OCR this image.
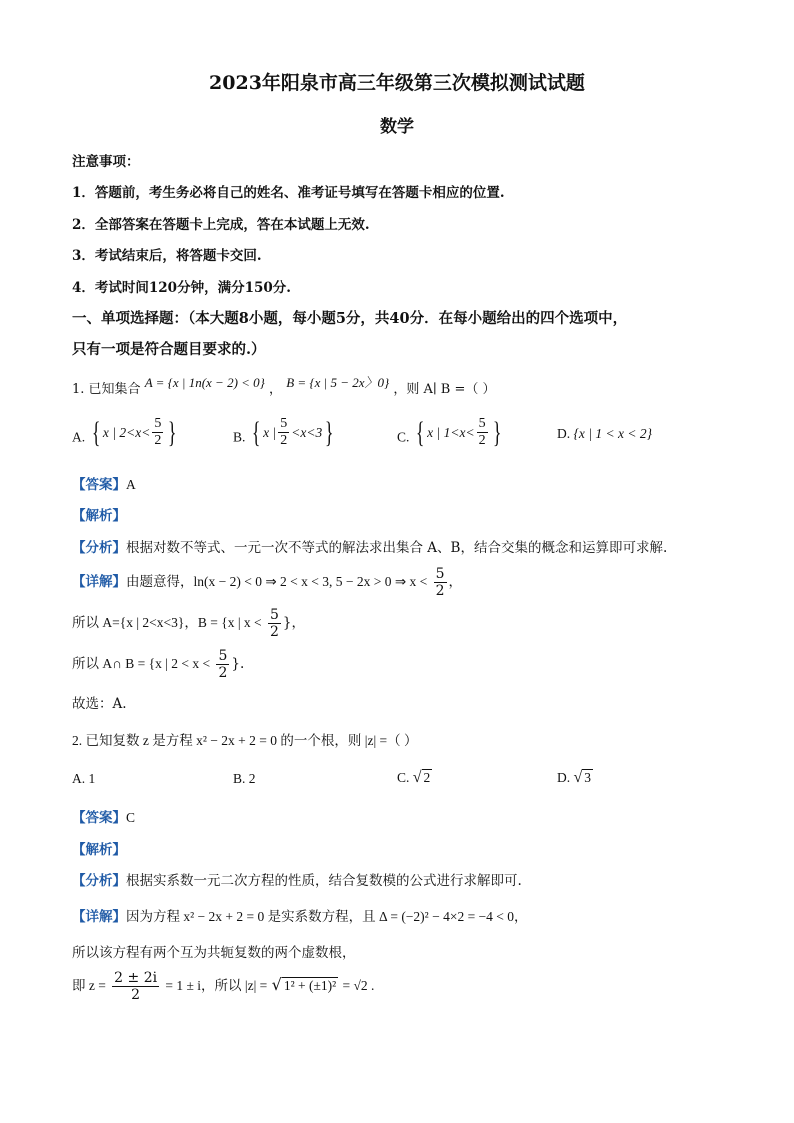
2023年阳泉市高三年级第三次模拟测试试题
数学
注意事项：
1．答题前，考生务必将自己的姓名、准考证号填写在答题卡相应的位置.
2．全部答案在答题卡上完成，答在本试题上无效.
3．考试结束后，将答题卡交回.
4．考试时间120分钟，满分150分.
一、单项选择题：（本大题8小题，每小题5分，共40分．在每小题给出的四个选项中，
只有一项是符合题目要求的.）
1. 已知集合 A = {x | 1n(x − 2) < 0} ， B = {x | 5 − 2x〉0} ，则 A∣ B =（ ）
A. { x | $2<x< \frac{5}{2}$ }	B. { x | $\frac{5}{2} <x<3$ }	C. { x | $1<x< \frac{5}{2}$ }	D. {x | 1 < x < 2}
【答案】A
【解析】
【分析】根据对数不等式、一元一次不等式的解法求出集合 A、B，结合交集的概念和运算即可求解.
【详解】由题意得，ln(x − 2) < 0 ⇒ 2 < x < 3, 5 − 2x > 0 ⇒ $x < \frac{5}{2}$ ，
所以 A={x | 2<x<3}，B = {x | $x < \frac{5}{2}$ }，
所以 A∩ B = {x | $2 < x < \frac{5}{2}$ }.
故选：A.
2. 已知复数 z 是方程 x² − 2x + 2 = 0 的一个根，则 |z| =（ ）
A. 1	B. 2	C. √ 2	D. √ 3
【答案】C
【解析】
【分析】根据实系数一元二次方程的性质，结合复数模的公式进行求解即可.
【详解】因为方程 x² − 2x + 2 = 0 是实系数方程，且 Δ = (−2)² − 4×2 = −4 < 0，
所以该方程有两个互为共轭复数的两个虚数根，
即 $z = \frac{2 \pm 2i}{2} = 1 \pm i$，所以 |z| = √ 1² + (±1)² = √2 .
